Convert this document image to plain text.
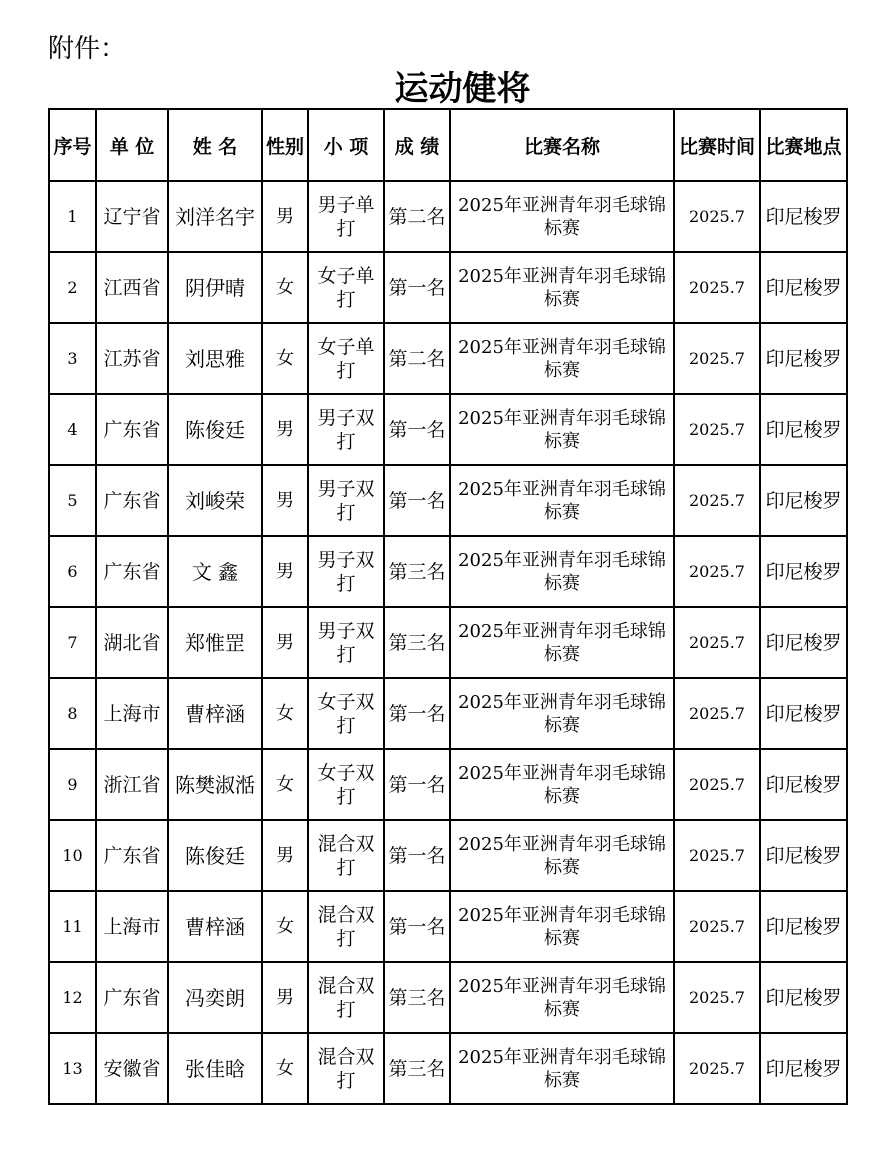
附件：
运动健将
序号	单 位	姓 名	性别	小 项	成 绩	比赛名称	比赛时间	比赛地点
1	辽宁省	刘洋名宇	男	男子单打	第二名	2025年亚洲青年羽毛球锦标赛	2025.7	印尼梭罗
2	江西省	阴伊晴	女	女子单打	第一名	2025年亚洲青年羽毛球锦标赛	2025.7	印尼梭罗
3	江苏省	刘思雅	女	女子单打	第二名	2025年亚洲青年羽毛球锦标赛	2025.7	印尼梭罗
4	广东省	陈俊廷	男	男子双打	第一名	2025年亚洲青年羽毛球锦标赛	2025.7	印尼梭罗
5	广东省	刘峻荣	男	男子双打	第一名	2025年亚洲青年羽毛球锦标赛	2025.7	印尼梭罗
6	广东省	文 鑫	男	男子双打	第三名	2025年亚洲青年羽毛球锦标赛	2025.7	印尼梭罗
7	湖北省	郑惟罡	男	男子双打	第三名	2025年亚洲青年羽毛球锦标赛	2025.7	印尼梭罗
8	上海市	曹梓涵	女	女子双打	第一名	2025年亚洲青年羽毛球锦标赛	2025.7	印尼梭罗
9	浙江省	陈樊淑湉	女	女子双打	第一名	2025年亚洲青年羽毛球锦标赛	2025.7	印尼梭罗
10	广东省	陈俊廷	男	混合双打	第一名	2025年亚洲青年羽毛球锦标赛	2025.7	印尼梭罗
11	上海市	曹梓涵	女	混合双打	第一名	2025年亚洲青年羽毛球锦标赛	2025.7	印尼梭罗
12	广东省	冯奕朗	男	混合双打	第三名	2025年亚洲青年羽毛球锦标赛	2025.7	印尼梭罗
13	安徽省	张佳晗	女	混合双打	第三名	2025年亚洲青年羽毛球锦标赛	2025.7	印尼梭罗
